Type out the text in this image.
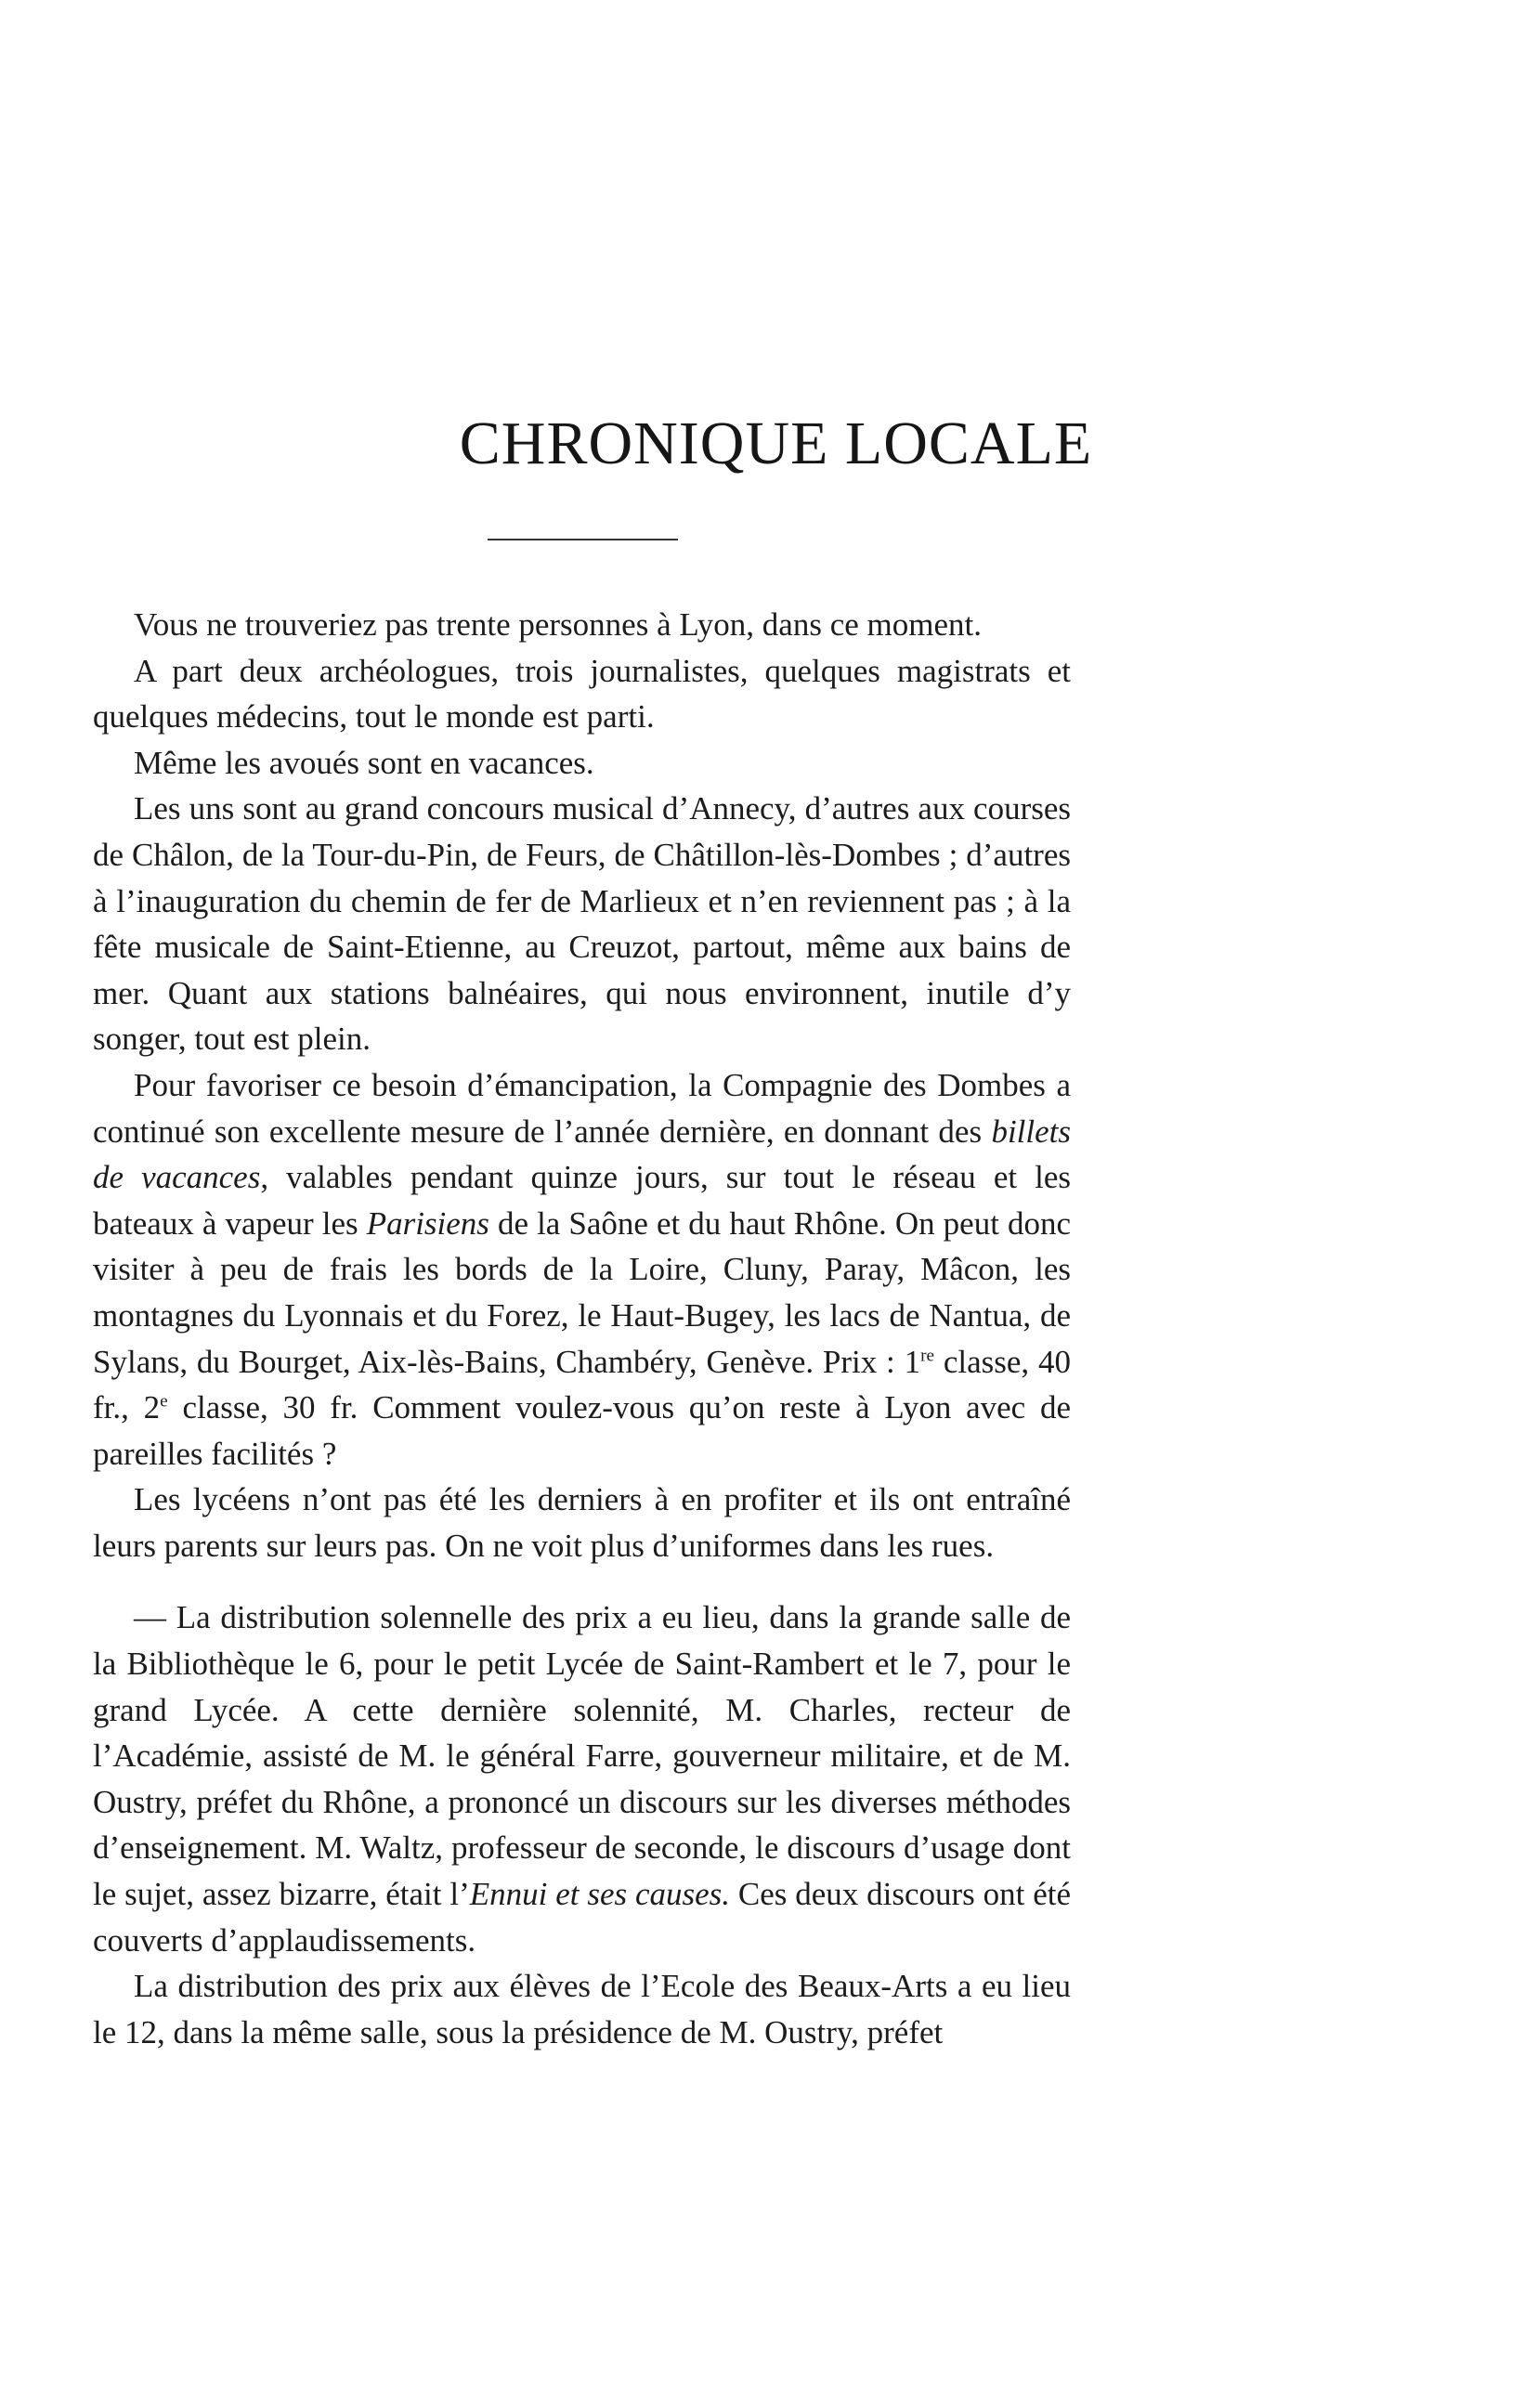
CHRONIQUE LOCALE

Vous ne trouveriez pas trente personnes à Lyon, dans ce moment.

A part deux archéologues, trois journalistes, quelques magistrats et quelques médecins, tout le monde est parti.

Même les avoués sont en vacances.

Les uns sont au grand concours musical d’Annecy, d’autres aux courses de Châlon, de la Tour-du-Pin, de Feurs, de Châtillon-lès-Dombes ; d’autres à l’inauguration du chemin de fer de Marlieux et n’en reviennent pas ; à la fête musicale de Saint-Etienne, au Creuzot, partout, même aux bains de mer. Quant aux stations balnéaires, qui nous environnent, inutile d’y songer, tout est plein.

Pour favoriser ce besoin d’émancipation, la Compagnie des Dombes a continué son excellente mesure de l’année dernière, en donnant des billets de vacances, valables pendant quinze jours, sur tout le réseau et les bateaux à vapeur les Parisiens de la Saône et du haut Rhône. On peut donc visiter à peu de frais les bords de la Loire, Cluny, Paray, Mâcon, les montagnes du Lyonnais et du Forez, le Haut-Bugey, les lacs de Nantua, de Sylans, du Bourget, Aix-lès-Bains, Chambéry, Genève. Prix : 1re classe, 40 fr., 2e classe, 30 fr. Comment voulez-vous qu’on reste à Lyon avec de pareilles facilités ?

Les lycéens n’ont pas été les derniers à en profiter et ils ont entraîné leurs parents sur leurs pas. On ne voit plus d’uniformes dans les rues.

— La distribution solennelle des prix a eu lieu, dans la grande salle de la Bibliothèque le 6, pour le petit Lycée de Saint-Rambert et le 7, pour le grand Lycée. A cette dernière solennité, M. Charles, recteur de l’Académie, assisté de M. le général Farre, gouverneur militaire, et de M. Oustry, préfet du Rhône, a prononcé un discours sur les diverses méthodes d’enseignement. M. Waltz, professeur de seconde, le discours d’usage dont le sujet, assez bizarre, était l’Ennui et ses causes. Ces deux discours ont été couverts d’applaudissements.

La distribution des prix aux élèves de l’Ecole des Beaux-Arts a eu lieu le 12, dans la même salle, sous la présidence de M. Oustry, préfet
